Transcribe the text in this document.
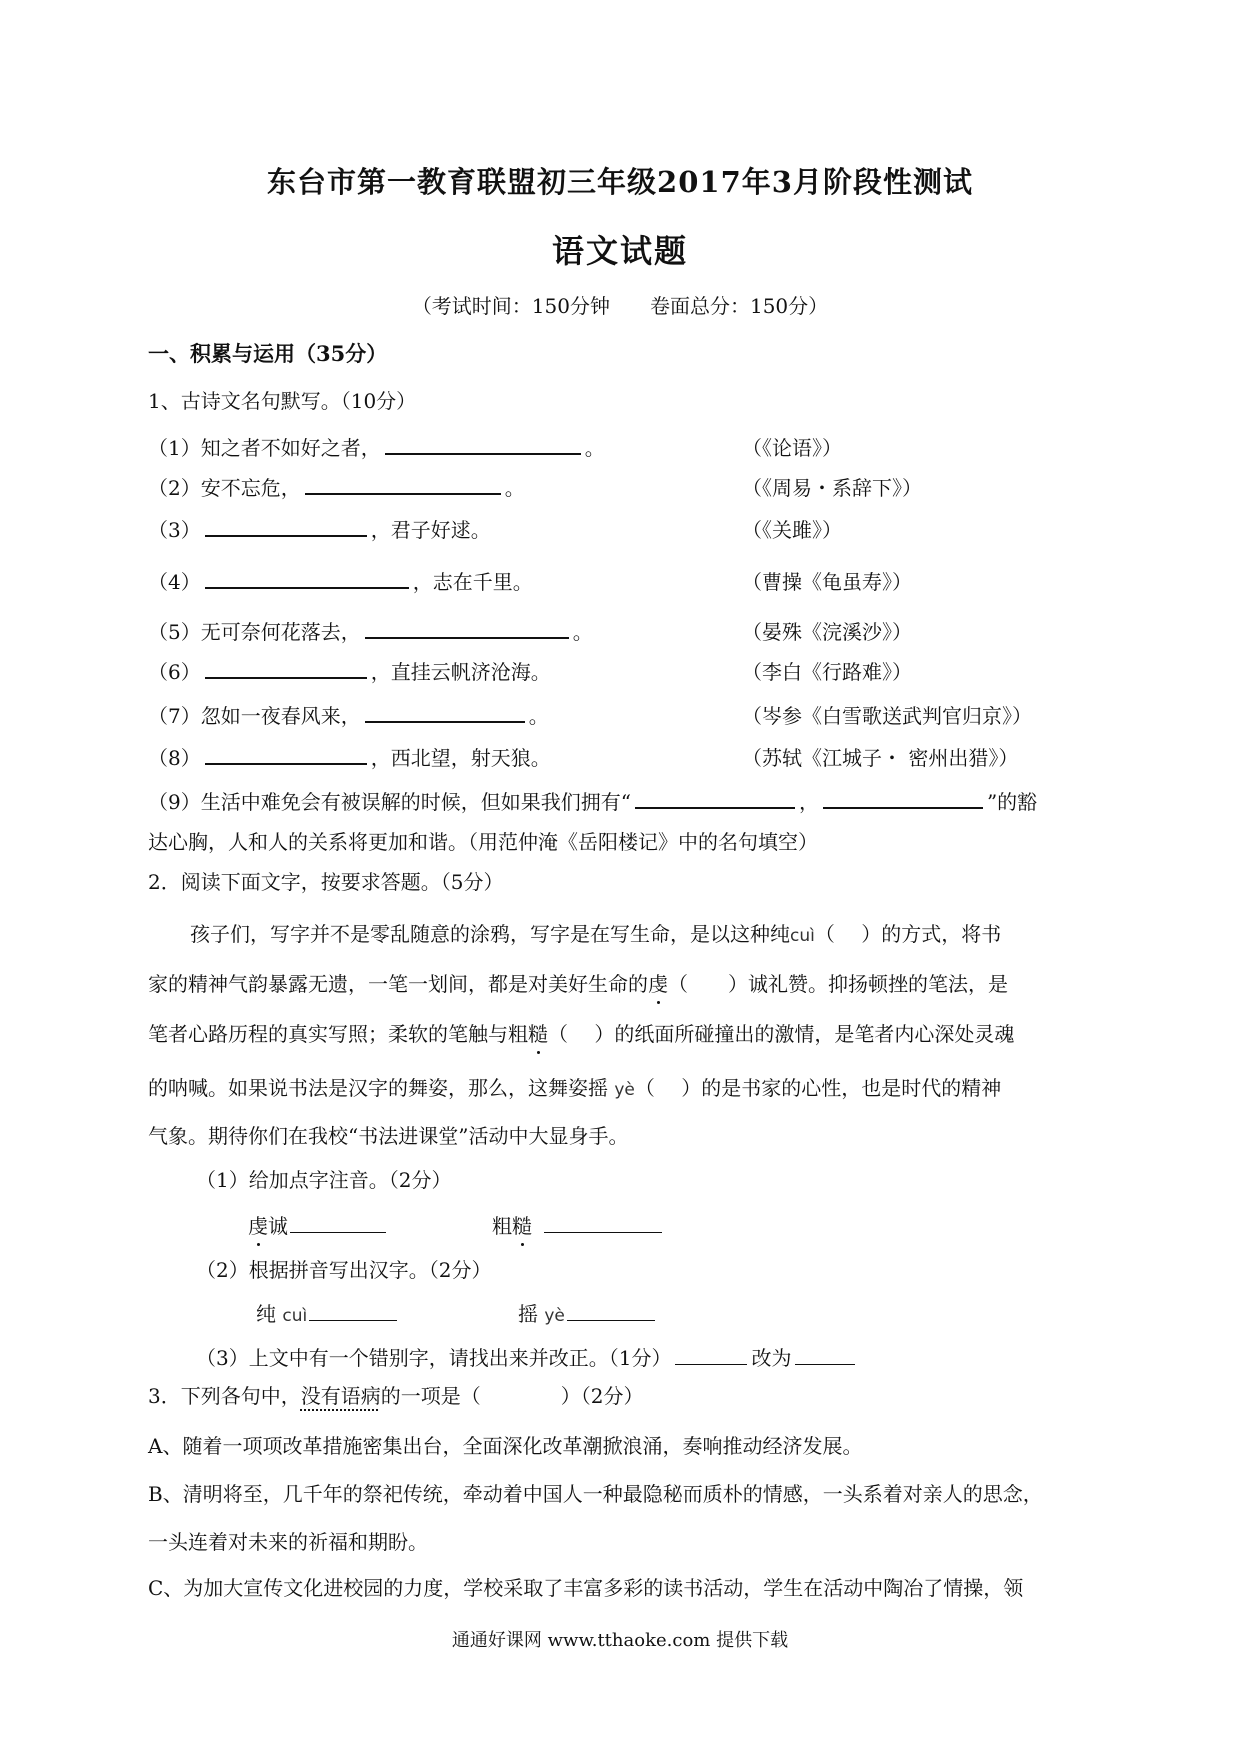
东台市第一教育联盟初三年级2017年3月阶段性测试
语文试题
（考试时间：150分钟　　卷面总分：150分）
一、积累与运用（35分）
1、古诗文名句默写。（10分）
（1）知之者不如好之者，	。	（《论语》）
（2）安不忘危，	。	（《周易・系辞下》）
（3）	，君子好逑。	（《关雎》）
（4）	，志在千里。	（曹操《龟虽寿》）
（5）无可奈何花落去，	。	（晏殊《浣溪沙》）
（6）	，直挂云帆济沧海。	（李白《行路难》）
（7）忽如一夜春风来，	。	（岑参《白雪歌送武判官归京》）
（8）	，西北望，射天狼。	（苏轼《江城子・ 密州出猎》）
（9）生活中难免会有被误解的时候，但如果我们拥有“	，	”的豁
达心胸，人和人的关系将更加和谐。（用范仲淹《岳阳楼记》中的名句填空）
2．阅读下面文字，按要求答题。（5分）
孩子们，写字并不是零乱随意的涂鸦，写字是在写生命，是以这种纯cuì（　 ）的方式，将书
家的精神气韵暴露无遗，一笔一划间，都是对美好生命的虔（　　）诚礼赞。抑扬顿挫的笔法，是
笔者心路历程的真实写照；柔软的笔触与粗糙（　 ）的纸面所碰撞出的激情，是笔者内心深处灵魂
的呐喊。如果说书法是汉字的舞姿，那么，这舞姿摇 yè（　 ）的是书家的心性，也是时代的精神
气象。期待你们在我校“书法进课堂”活动中大显身手。
（1）给加点字注音。（2分）
虔诚	粗糙
（2）根据拼音写出汉字。（2分）
纯 cuì	摇 yè
（3）上文中有一个错别字，请找出来并改正。（1分）	改为
3．下列各句中，没有语病的一项是（　　　　）（2分）
A、随着一项项改革措施密集出台，全面深化改革潮掀浪涌，奏响推动经济发展。
B、清明将至，几千年的祭祀传统，牵动着中国人一种最隐秘而质朴的情感，一头系着对亲人的思念，
一头连着对未来的祈福和期盼。
C、为加大宣传文化进校园的力度，学校采取了丰富多彩的读书活动，学生在活动中陶冶了情操，领
通通好课网 www.tthaoke.com 提供下载
